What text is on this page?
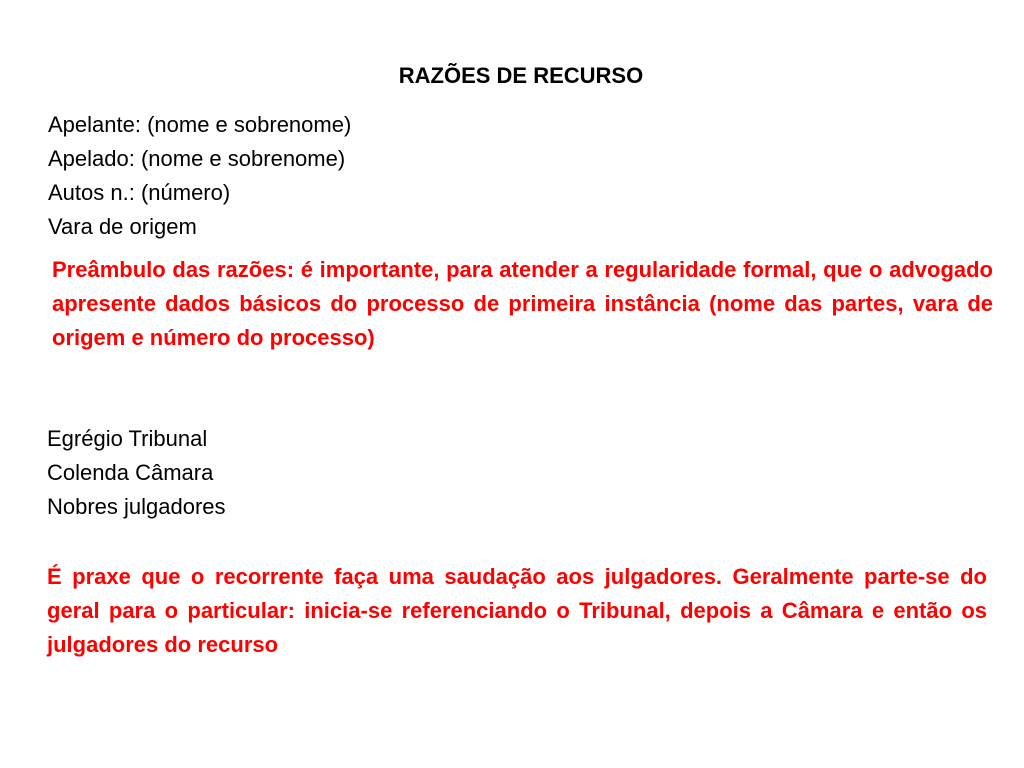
RAZÕES DE RECURSO
Apelante: (nome e sobrenome)
Apelado: (nome e sobrenome)
Autos n.: (número)
Vara de origem

Preâmbulo das razões: é importante, para atender a regularidade formal, que o advogado apresente dados básicos do processo de primeira instância (nome das partes, vara de origem e número do processo)

Egrégio Tribunal
Colenda Câmara
Nobres julgadores

É praxe que o recorrente faça uma saudação aos julgadores. Geralmente parte-se do geral para o particular: inicia-se referenciando o Tribunal, depois a Câmara e então os julgadores do recurso
